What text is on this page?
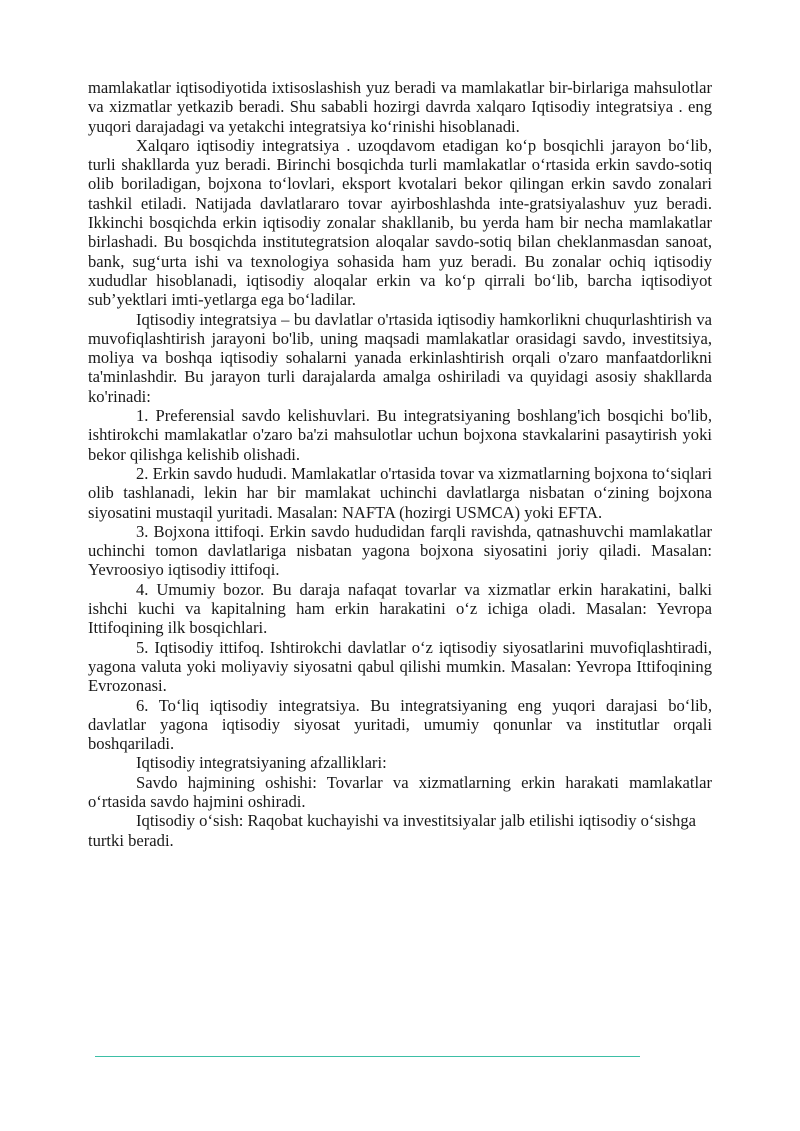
mamlakatlar iqtisodiyotida ixtisoslashish yuz beradi va mamlakatlar bir-birlariga mahsulotlar va xizmatlar yetkazib beradi. Shu sababli hozirgi davrda xalqaro Iqtisodiy integratsiya . eng yuqori darajadagi va yetakchi integratsiya ko‘rinishi hisoblanadi.

Xalqaro iqtisodiy integratsiya . uzoqdavom etadigan ko‘p bosqichli jarayon bo‘lib, turli shakllarda yuz beradi. Birinchi bosqichda turli mamlakatlar o‘rtasida erkin savdo-sotiq olib boriladigan, bojxona to‘lovlari, eksport kvotalari bekor qilingan erkin savdo zonalari tashkil etiladi. Natijada davlatlararo tovar ayirboshlashda inte-gratsiyalashuv yuz beradi. Ikkinchi bosqichda erkin iqtisodiy zonalar shakllanib, bu yerda ham bir necha mamlakatlar birlashadi. Bu bosqichda institutegratsion aloqalar savdo-sotiq bilan cheklanmasdan sanoat, bank, sug‘urta ishi va texnologiya sohasida ham yuz beradi. Bu zonalar ochiq iqtisodiy xududlar hisoblanadi, iqtisodiy aloqalar erkin va ko‘p qirrali bo‘lib, barcha iqtisodiyot sub’yektlari imti-yetlarga ega bo‘ladilar.

Iqtisodiy integratsiya – bu davlatlar o'rtasida iqtisodiy hamkorlikni chuqurlashtirish va muvofiqlashtirish jarayoni bo'lib, uning maqsadi mamlakatlar orasidagi savdo, investitsiya, moliya va boshqa iqtisodiy sohalarni yanada erkinlashtirish orqali o'zaro manfaatdorlikni ta'minlashdir. Bu jarayon turli darajalarda amalga oshiriladi va quyidagi asosiy shakllarda ko'rinadi:

1. Preferensial savdo kelishuvlari. Bu integratsiyaning boshlang'ich bosqichi bo'lib, ishtirokchi mamlakatlar o'zaro ba'zi mahsulotlar uchun bojxona stavkalarini pasaytirish yoki bekor qilishga kelishib olishadi.

2. Erkin savdo hududi. Mamlakatlar o'rtasida tovar va xizmatlarning bojxona to‘siqlari olib tashlanadi, lekin har bir mamlakat uchinchi davlatlarga nisbatan o‘zining bojxona siyosatini mustaqil yuritadi. Masalan: NAFTA (hozirgi USMCA) yoki EFTA.

3. Bojxona ittifoqi. Erkin savdo hududidan farqli ravishda, qatnashuvchi mamlakatlar uchinchi tomon davlatlariga nisbatan yagona bojxona siyosatini joriy qiladi. Masalan: Yevroosiyo iqtisodiy ittifoqi.

4. Umumiy bozor. Bu daraja nafaqat tovarlar va xizmatlar erkin harakatini, balki ishchi kuchi va kapitalning ham erkin harakatini o‘z ichiga oladi. Masalan: Yevropa Ittifoqining ilk bosqichlari.

5. Iqtisodiy ittifoq. Ishtirokchi davlatlar o‘z iqtisodiy siyosatlarini muvofiqlashtiradi, yagona valuta yoki moliyaviy siyosatni qabul qilishi mumkin. Masalan: Yevropa Ittifoqining Evrozonasi.

6. To‘liq iqtisodiy integratsiya. Bu integratsiyaning eng yuqori darajasi bo‘lib, davlatlar yagona iqtisodiy siyosat yuritadi, umumiy qonunlar va institutlar orqali boshqariladi.

Iqtisodiy integratsiyaning afzalliklari:

Savdo hajmining oshishi: Tovarlar va xizmatlarning erkin harakati mamlakatlar o‘rtasida savdo hajmini oshiradi.

Iqtisodiy o‘sish: Raqobat kuchayishi va investitsiyalar jalb etilishi iqtisodiy o‘sishga turtki beradi.
